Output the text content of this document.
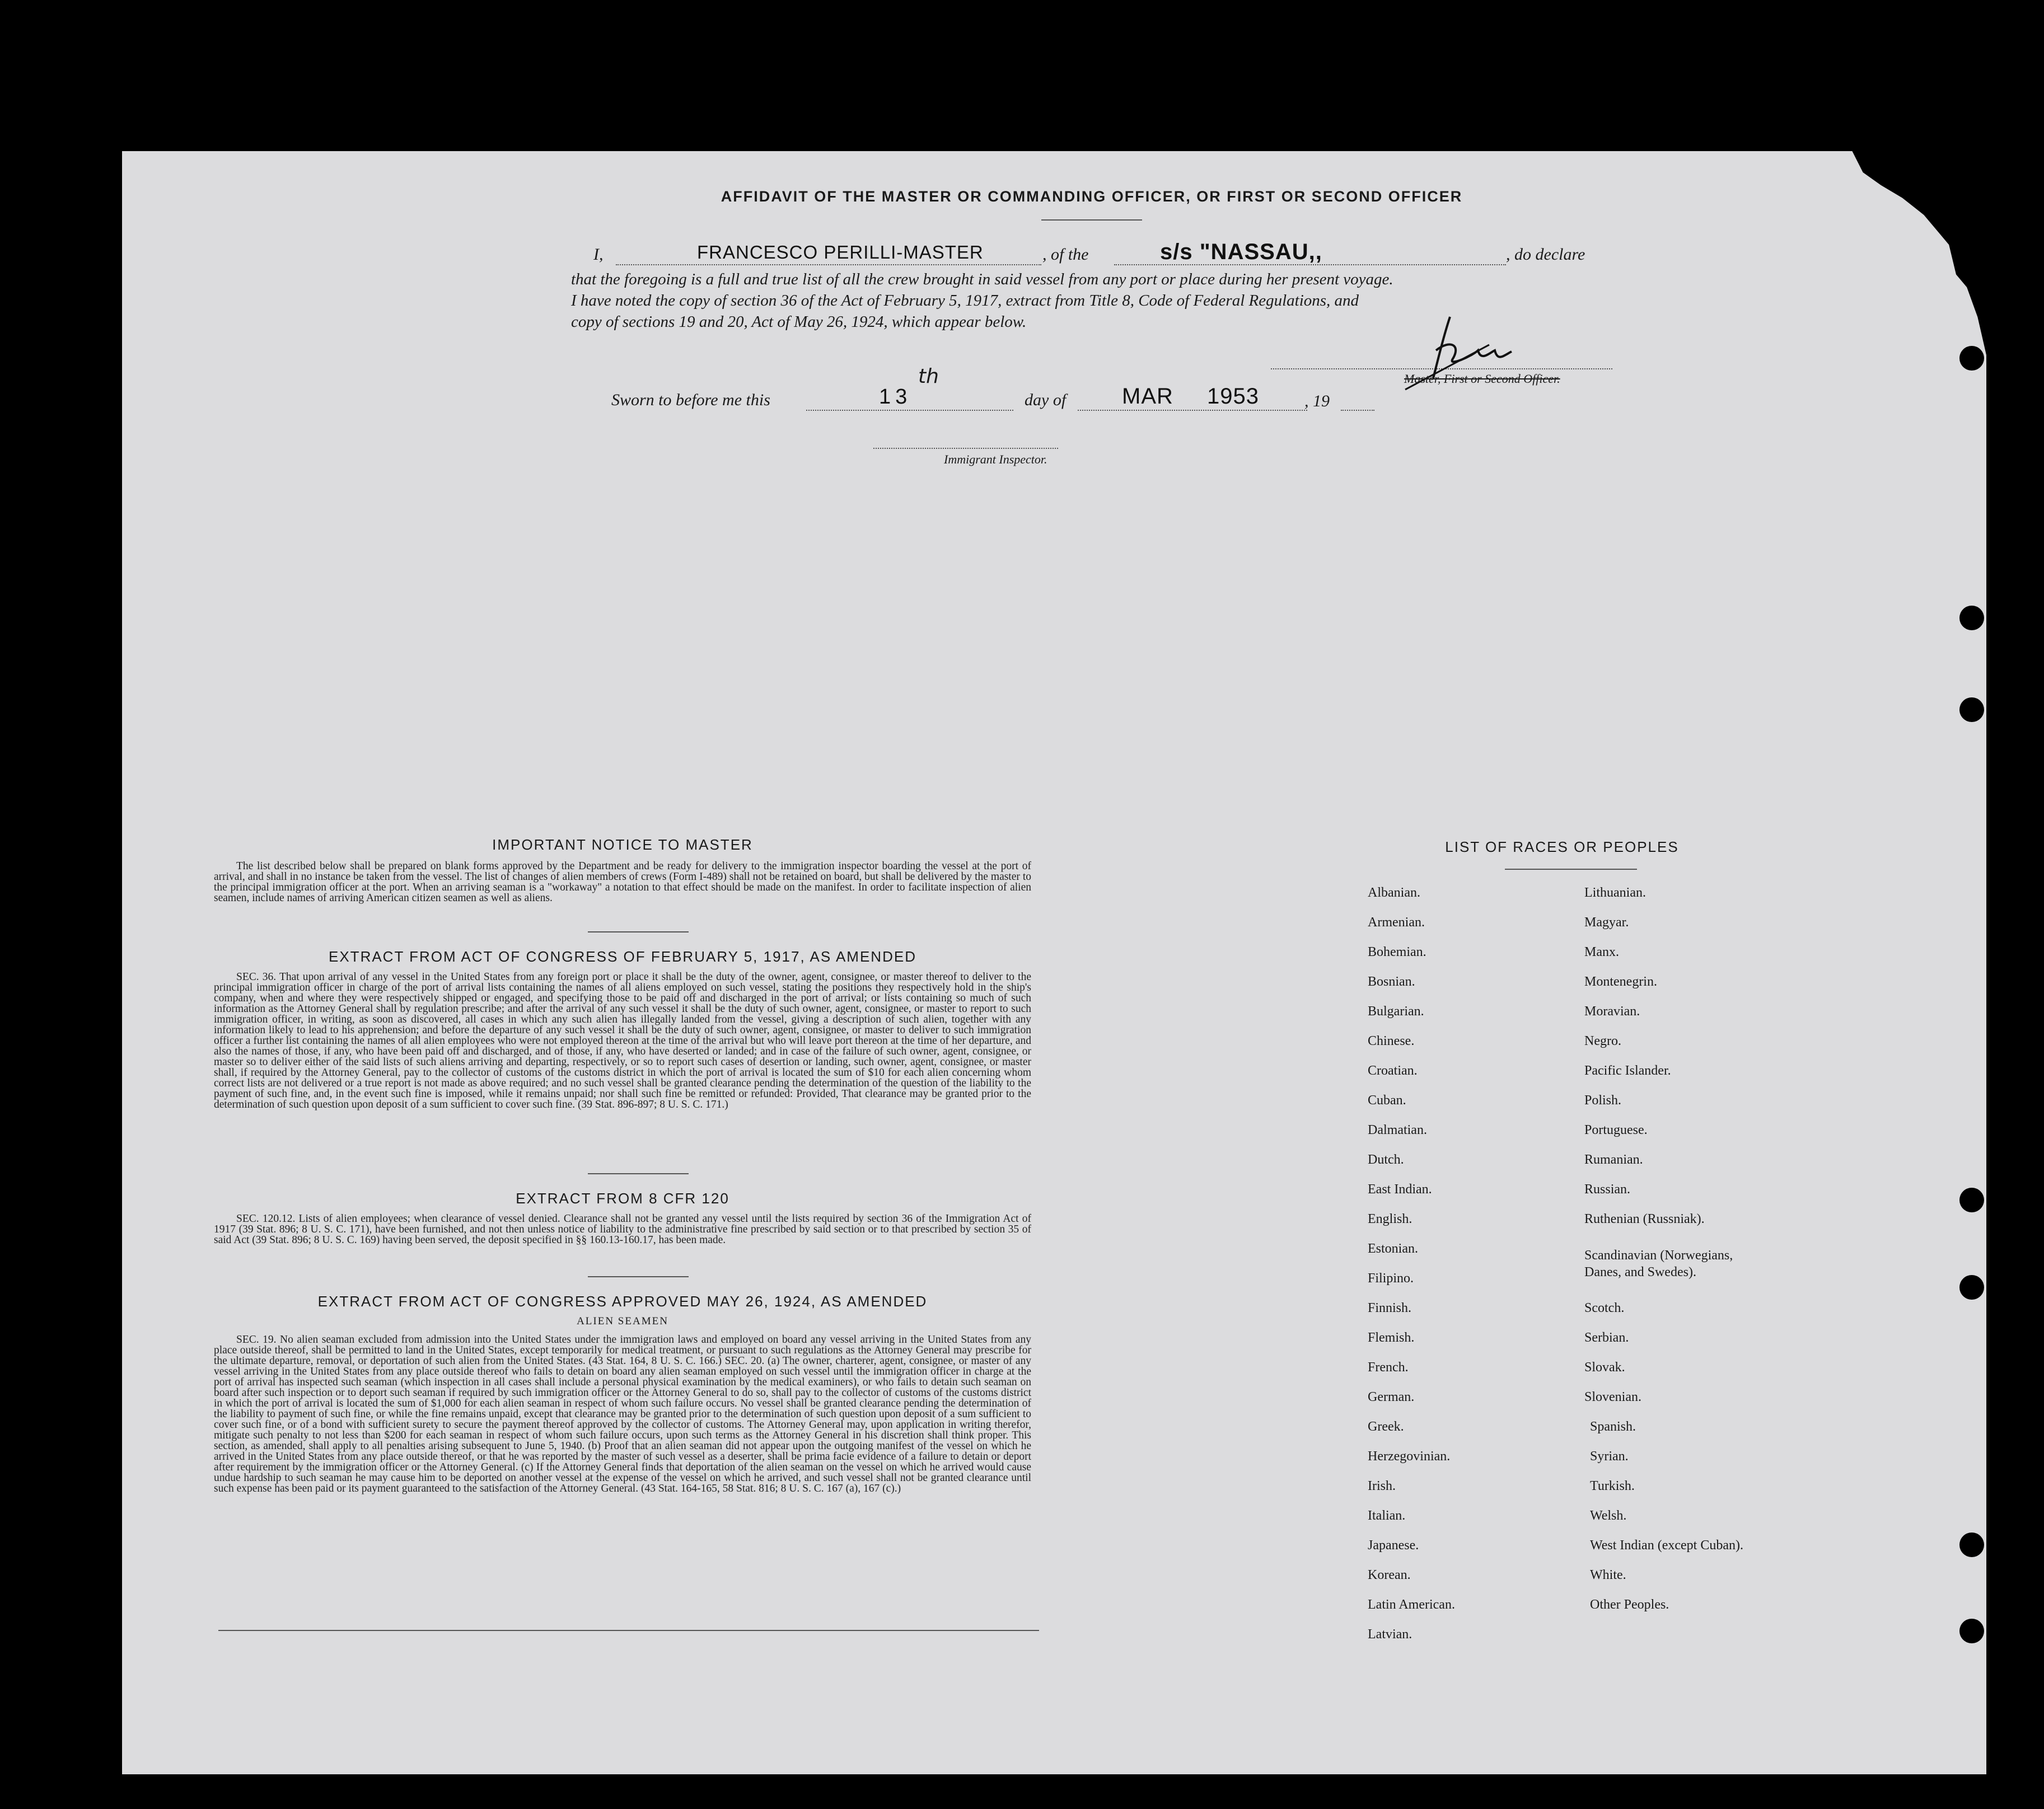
AFFIDAVIT OF THE MASTER OR COMMANDING OFFICER, OR FIRST OR SECOND OFFICER
I,	FRANCESCO PERILLI-MASTER	, of the	s/s "NASSAU,,	, do declare
that the foregoing is a full and true list of all the crew brought in said vessel from any port or place during her present voyage.
I have noted the copy of section 36 of the Act of February 5, 1917, extract from Title 8, Code of Federal Regulations, and
copy of sections 19 and 20, Act of May 26, 1924, which appear below.
Master, First or Second Officer.
Sworn to before me this	13
th
day of MAR 1953	, 19
Immigrant Inspector.
IMPORTANT NOTICE TO MASTER
The list described below shall be prepared on blank forms approved by the Department and be ready for delivery to the immigration inspector boarding the vessel at the port of arrival, and shall in no instance be taken from the vessel. The list of changes of alien members of crews (Form I-489) shall not be retained on board, but shall be delivered by the master to the principal immigration officer at the port. When an arriving seaman is a "workaway" a notation to that effect should be made on the manifest. In order to facilitate inspection of alien seamen, include names of arriving American citizen seamen as well as aliens.
EXTRACT FROM ACT OF CONGRESS OF FEBRUARY 5, 1917, AS AMENDED
SEC. 36. That upon arrival of any vessel in the United States from any foreign port or place it shall be the duty of the owner, agent, consignee, or master thereof to deliver to the principal immigration officer in charge of the port of arrival lists containing the names of all aliens employed on such vessel, stating the positions they respectively hold in the ship's company, when and where they were respectively shipped or engaged, and specifying those to be paid off and discharged in the port of arrival; or lists containing so much of such information as the Attorney General shall by regulation prescribe; and after the arrival of any such vessel it shall be the duty of such owner, agent, consignee, or master to report to such immigration officer, in writing, as soon as discovered, all cases in which any such alien has illegally landed from the vessel, giving a description of such alien, together with any information likely to lead to his apprehension; and before the departure of any such vessel it shall be the duty of such owner, agent, consignee, or master to deliver to such immigration officer a further list containing the names of all alien employees who were not employed thereon at the time of the arrival but who will leave port thereon at the time of her departure, and also the names of those, if any, who have been paid off and discharged, and of those, if any, who have deserted or landed; and in case of the failure of such owner, agent, consignee, or master so to deliver either of the said lists of such aliens arriving and departing, respectively, or so to report such cases of desertion or landing, such owner, agent, consignee, or master shall, if required by the Attorney General, pay to the collector of customs of the customs district in which the port of arrival is located the sum of $10 for each alien concerning whom correct lists are not delivered or a true report is not made as above required; and no such vessel shall be granted clearance pending the determination of the question of the liability to the payment of such fine, and, in the event such fine is imposed, while it remains unpaid; nor shall such fine be remitted or refunded: Provided, That clearance may be granted prior to the determination of such question upon deposit of a sum sufficient to cover such fine. (39 Stat. 896-897; 8 U. S. C. 171.)
EXTRACT FROM 8 CFR 120
SEC. 120.12. Lists of alien employees; when clearance of vessel denied. Clearance shall not be granted any vessel until the lists required by section 36 of the Immigration Act of 1917 (39 Stat. 896; 8 U. S. C. 171), have been furnished, and not then unless notice of liability to the administrative fine prescribed by said section or to that prescribed by section 35 of said Act (39 Stat. 896; 8 U. S. C. 169) having been served, the deposit specified in §§ 160.13-160.17, has been made.
EXTRACT FROM ACT OF CONGRESS APPROVED MAY 26, 1924, AS AMENDED
ALIEN SEAMEN
SEC. 19. No alien seaman excluded from admission into the United States under the immigration laws and employed on board any vessel arriving in the United States from any place outside thereof, shall be permitted to land in the United States, except temporarily for medical treatment, or pursuant to such regulations as the Attorney General may prescribe for the ultimate departure, removal, or deportation of such alien from the United States. (43 Stat. 164, 8 U. S. C. 166.) SEC. 20. (a) The owner, charterer, agent, consignee, or master of any vessel arriving in the United States from any place outside thereof who fails to detain on board any alien seaman employed on such vessel until the immigration officer in charge at the port of arrival has inspected such seaman (which inspection in all cases shall include a personal physical examination by the medical examiners), or who fails to detain such seaman on board after such inspection or to deport such seaman if required by such immigration officer or the Attorney General to do so, shall pay to the collector of customs of the customs district in which the port of arrival is located the sum of $1,000 for each alien seaman in respect of whom such failure occurs. No vessel shall be granted clearance pending the determination of the liability to payment of such fine, or while the fine remains unpaid, except that clearance may be granted prior to the determination of such question upon deposit of a sum sufficient to cover such fine, or of a bond with sufficient surety to secure the payment thereof approved by the collector of customs. The Attorney General may, upon application in writing therefor, mitigate such penalty to not less than $200 for each seaman in respect of whom such failure occurs, upon such terms as the Attorney General in his discretion shall think proper. This section, as amended, shall apply to all penalties arising subsequent to June 5, 1940. (b) Proof that an alien seaman did not appear upon the outgoing manifest of the vessel on which he arrived in the United States from any place outside thereof, or that he was reported by the master of such vessel as a deserter, shall be prima facie evidence of a failure to detain or deport after requirement by the immigration officer or the Attorney General. (c) If the Attorney General finds that deportation of the alien seaman on the vessel on which he arrived would cause undue hardship to such seaman he may cause him to be deported on another vessel at the expense of the vessel on which he arrived, and such vessel shall not be granted clearance until such expense has been paid or its payment guaranteed to the satisfaction of the Attorney General. (43 Stat. 164-165, 58 Stat. 816; 8 U. S. C. 167 (a), 167 (c).)
LIST OF RACES OR PEOPLES
Albanian.
Armenian.
Bohemian.
Bosnian.
Bulgarian.
Chinese.
Croatian.
Cuban.
Dalmatian.
Dutch.
East Indian.
English.
Estonian.
Filipino.
Finnish.
Flemish.
French.
German.
Greek.
Herzegovinian.
Irish.
Italian.
Japanese.
Korean.
Latin American.
Latvian.
Lithuanian.
Magyar.
Manx.
Montenegrin.
Moravian.
Negro.
Pacific Islander.
Polish.
Portuguese.
Rumanian.
Russian.
Ruthenian (Russniak).
Scandinavian (Norwegians, Danes, and Swedes).
Scotch.
Serbian.
Slovak.
Slovenian.
Spanish.
Syrian.
Turkish.
Welsh.
West Indian (except Cuban).
White.
Other Peoples.
